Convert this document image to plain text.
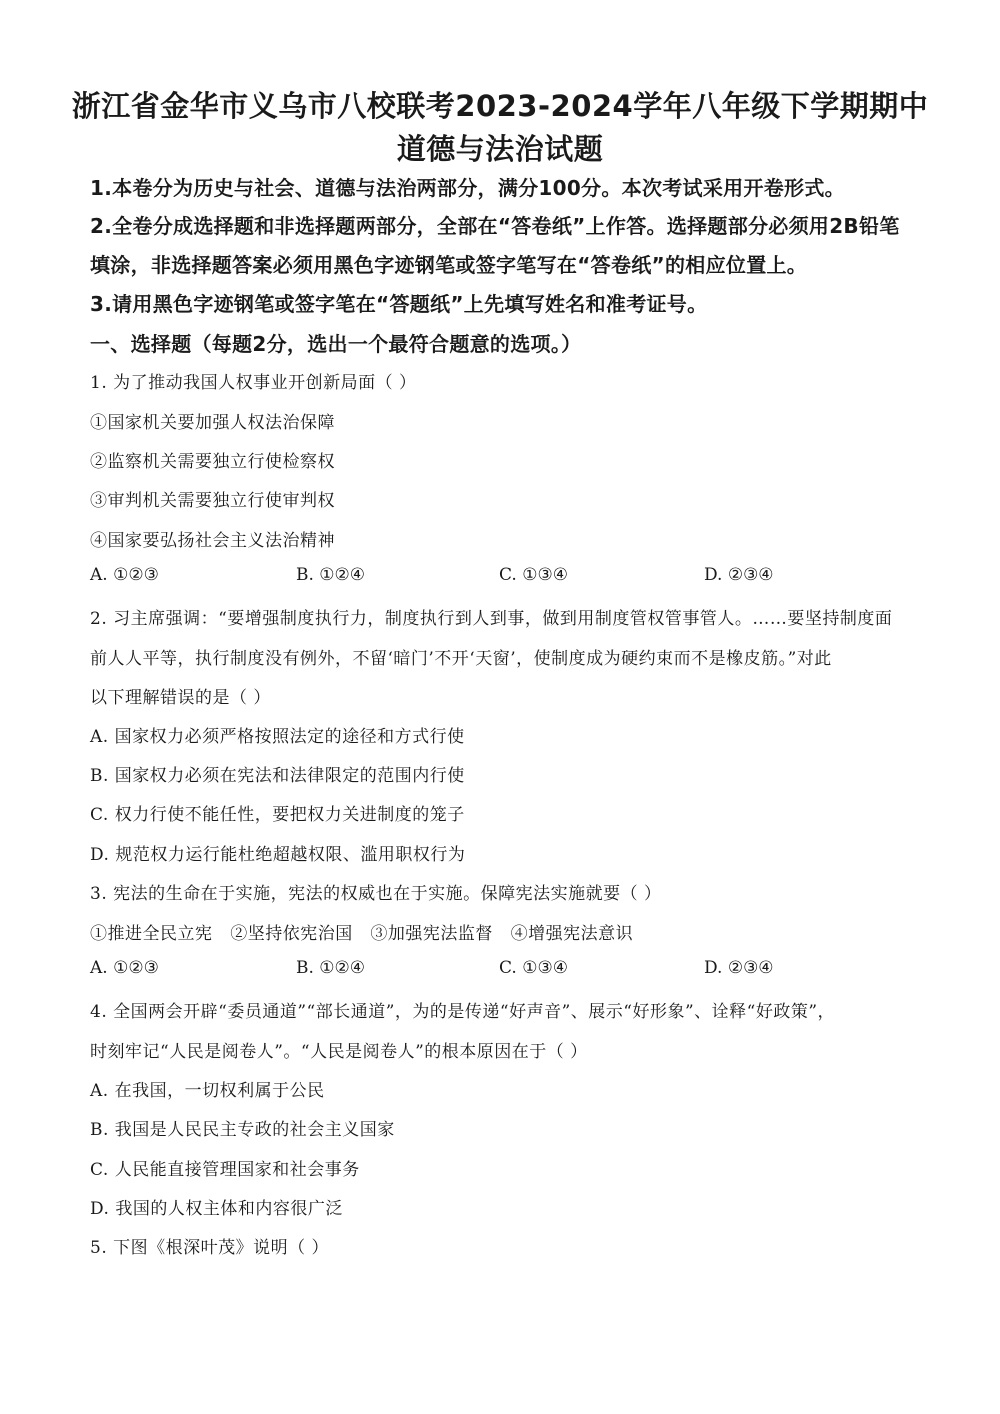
浙江省金华市义乌市八校联考2023-2024学年八年级下学期期中
道德与法治试题
1.本卷分为历史与社会、道德与法治两部分，满分100分。本次考试采用开卷形式。
2.全卷分成选择题和非选择题两部分，全部在“答卷纸”上作答。选择题部分必须用2B铅笔
填涂，非选择题答案必须用黑色字迹钢笔或签字笔写在“答卷纸”的相应位置上。
3.请用黑色字迹钢笔或签字笔在“答题纸”上先填写姓名和准考证号。
一、选择题（每题2分，选出一个最符合题意的选项。）
1. 为了推动我国人权事业开创新局面（ ）
①国家机关要加强人权法治保障
②监察机关需要独立行使检察权
③审判机关需要独立行使审判权
④国家要弘扬社会主义法治精神
A. ①②③	B. ①②④	C. ①③④	D. ②③④
2. 习主席强调：“要增强制度执行力，制度执行到人到事，做到用制度管权管事管人。……要坚持制度面
前人人平等，执行制度没有例外，不留‘暗门’不开‘天窗’，使制度成为硬约束而不是橡皮筋。”对此
以下理解错误的是（ ）
A. 国家权力必须严格按照法定的途径和方式行使
B. 国家权力必须在宪法和法律限定的范围内行使
C. 权力行使不能任性，要把权力关进制度的笼子
D. 规范权力运行能杜绝超越权限、滥用职权行为
3. 宪法的生命在于实施，宪法的权威也在于实施。保障宪法实施就要（ ）
①推进全民立宪   ②坚持依宪治国   ③加强宪法监督   ④增强宪法意识
A. ①②③	B. ①②④	C. ①③④	D. ②③④
4. 全国两会开辟“委员通道”“部长通道”，为的是传递“好声音”、展示“好形象”、诠释“好政策”，
时刻牢记“人民是阅卷人”。“人民是阅卷人”的根本原因在于（ ）
A. 在我国，一切权利属于公民
B. 我国是人民民主专政的社会主义国家
C. 人民能直接管理国家和社会事务
D. 我国的人权主体和内容很广泛
5. 下图《根深叶茂》说明（ ）
